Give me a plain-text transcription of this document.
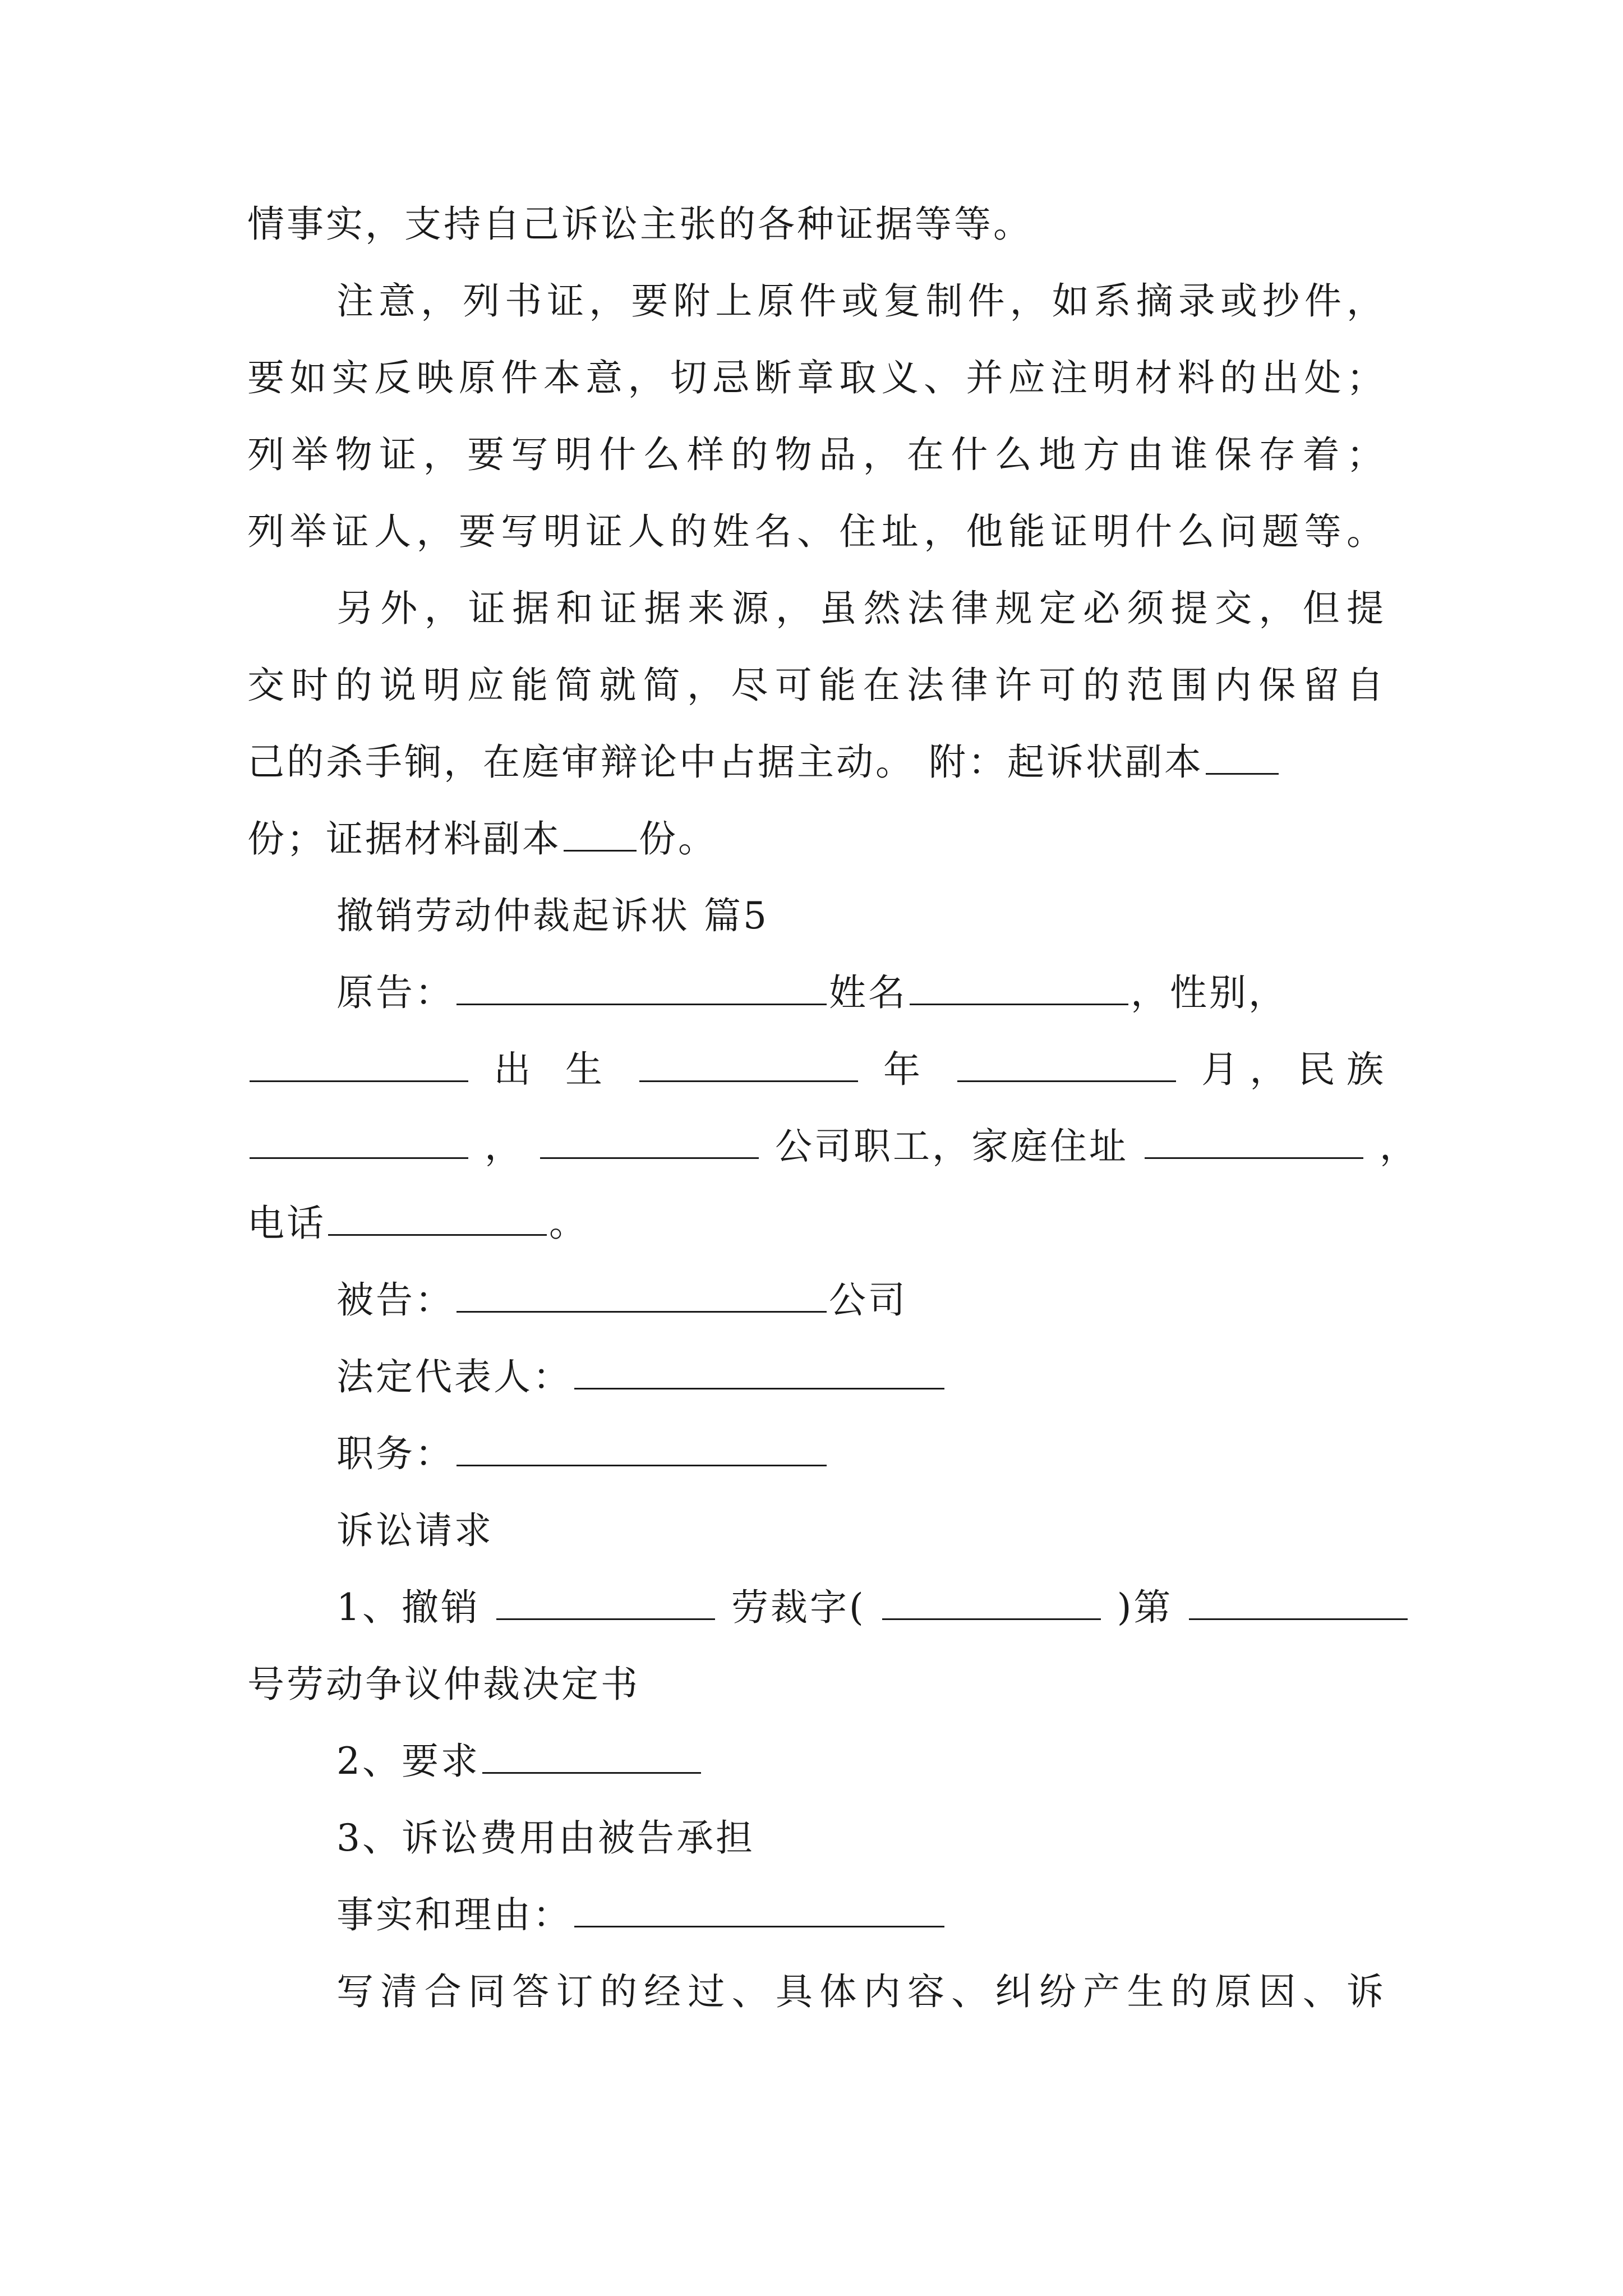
情事实，支持自己诉讼主张的各种证据等等。
注意，列书证，要附上原件或复制件，如系摘录或抄件，
要如实反映原件本意，切忌断章取义、并应注明材料的出处；
列举物证，要写明什么样的物品，在什么地方由谁保存着；
列举证人，要写明证人的姓名、住址，他能证明什么问题等。
另外，证据和证据来源，虽然法律规定必须提交，但提
交时的说明应能简就简，尽可能在法律许可的范围内保留自
己的杀手锏，在庭审辩论中占据主动。 附：起诉状副本
份；证据材料副本 份。
撤销劳动仲裁起诉状 篇5
原告：	姓名	，性别，
出 生	年	月，民族
，	公司职工，家庭住址	，
电话	。
被告：	公司
法定代表人：
职务：
诉讼请求
1、撤销	劳裁字(	)第
号劳动争议仲裁决定书
2、要求
3、诉讼费用由被告承担
事实和理由：
写清合同答订的经过、具体内容、纠纷产生的原因、诉
